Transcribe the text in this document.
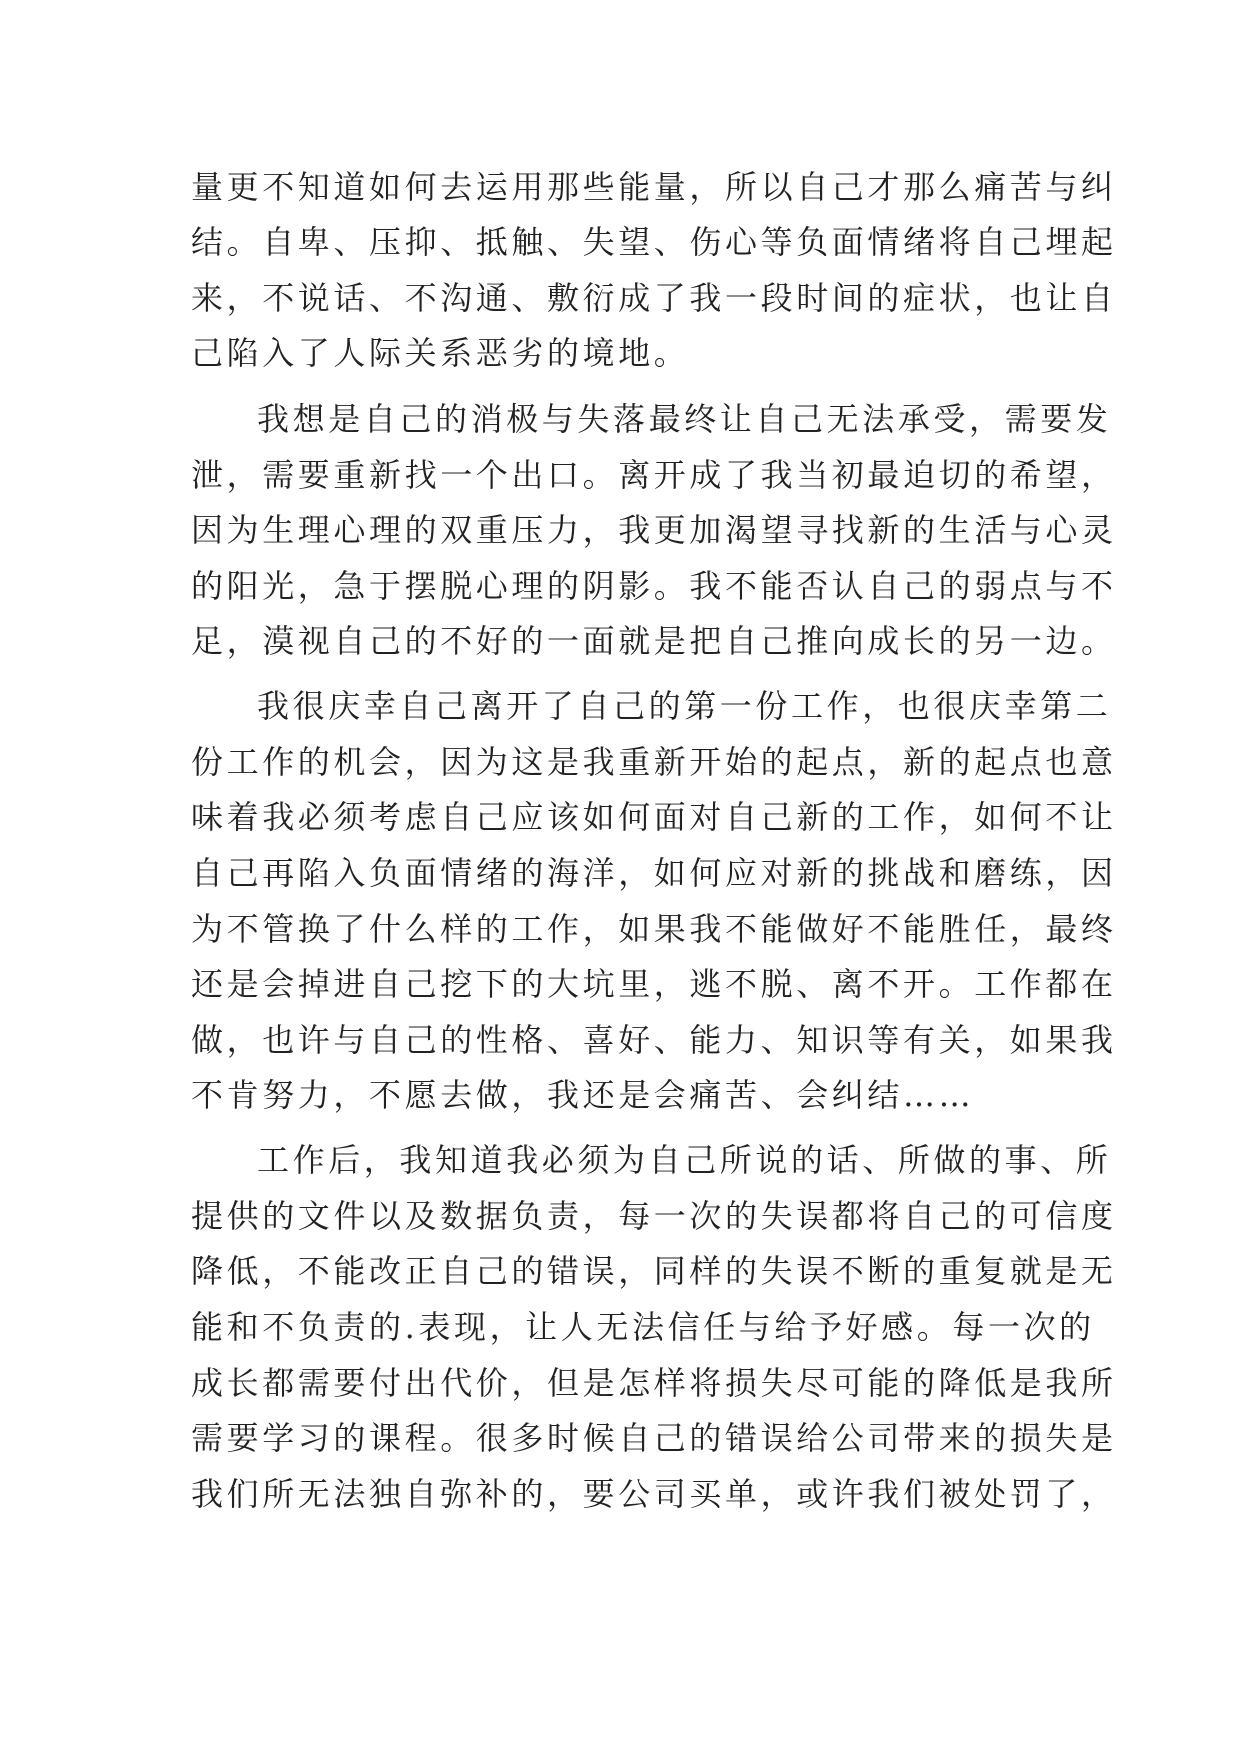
量更不知道如何去运用那些能量，所以自己才那么痛苦与纠
结。自卑、压抑、抵触、失望、伤心等负面情绪将自己埋起
来，不说话、不沟通、敷衍成了我一段时间的症状，也让自
己陷入了人际关系恶劣的境地。
我想是自己的消极与失落最终让自己无法承受，需要发
泄，需要重新找一个出口。离开成了我当初最迫切的希望，
因为生理心理的双重压力，我更加渴望寻找新的生活与心灵
的阳光，急于摆脱心理的阴影。我不能否认自己的弱点与不
足，漠视自己的不好的一面就是把自己推向成长的另一边。
我很庆幸自己离开了自己的第一份工作，也很庆幸第二
份工作的机会，因为这是我重新开始的起点，新的起点也意
味着我必须考虑自己应该如何面对自己新的工作，如何不让
自己再陷入负面情绪的海洋，如何应对新的挑战和磨练，因
为不管换了什么样的工作，如果我不能做好不能胜任，最终
还是会掉进自己挖下的大坑里，逃不脱、离不开。工作都在
做，也许与自己的性格、喜好、能力、知识等有关，如果我
不肯努力，不愿去做，我还是会痛苦、会纠结……
工作后，我知道我必须为自己所说的话、所做的事、所
提供的文件以及数据负责，每一次的失误都将自己的可信度
降低，不能改正自己的错误，同样的失误不断的重复就是无
能和不负责的.表现，让人无法信任与给予好感。每一次的
成长都需要付出代价，但是怎样将损失尽可能的降低是我所
需要学习的课程。很多时候自己的错误给公司带来的损失是
我们所无法独自弥补的，要公司买单，或许我们被处罚了，
